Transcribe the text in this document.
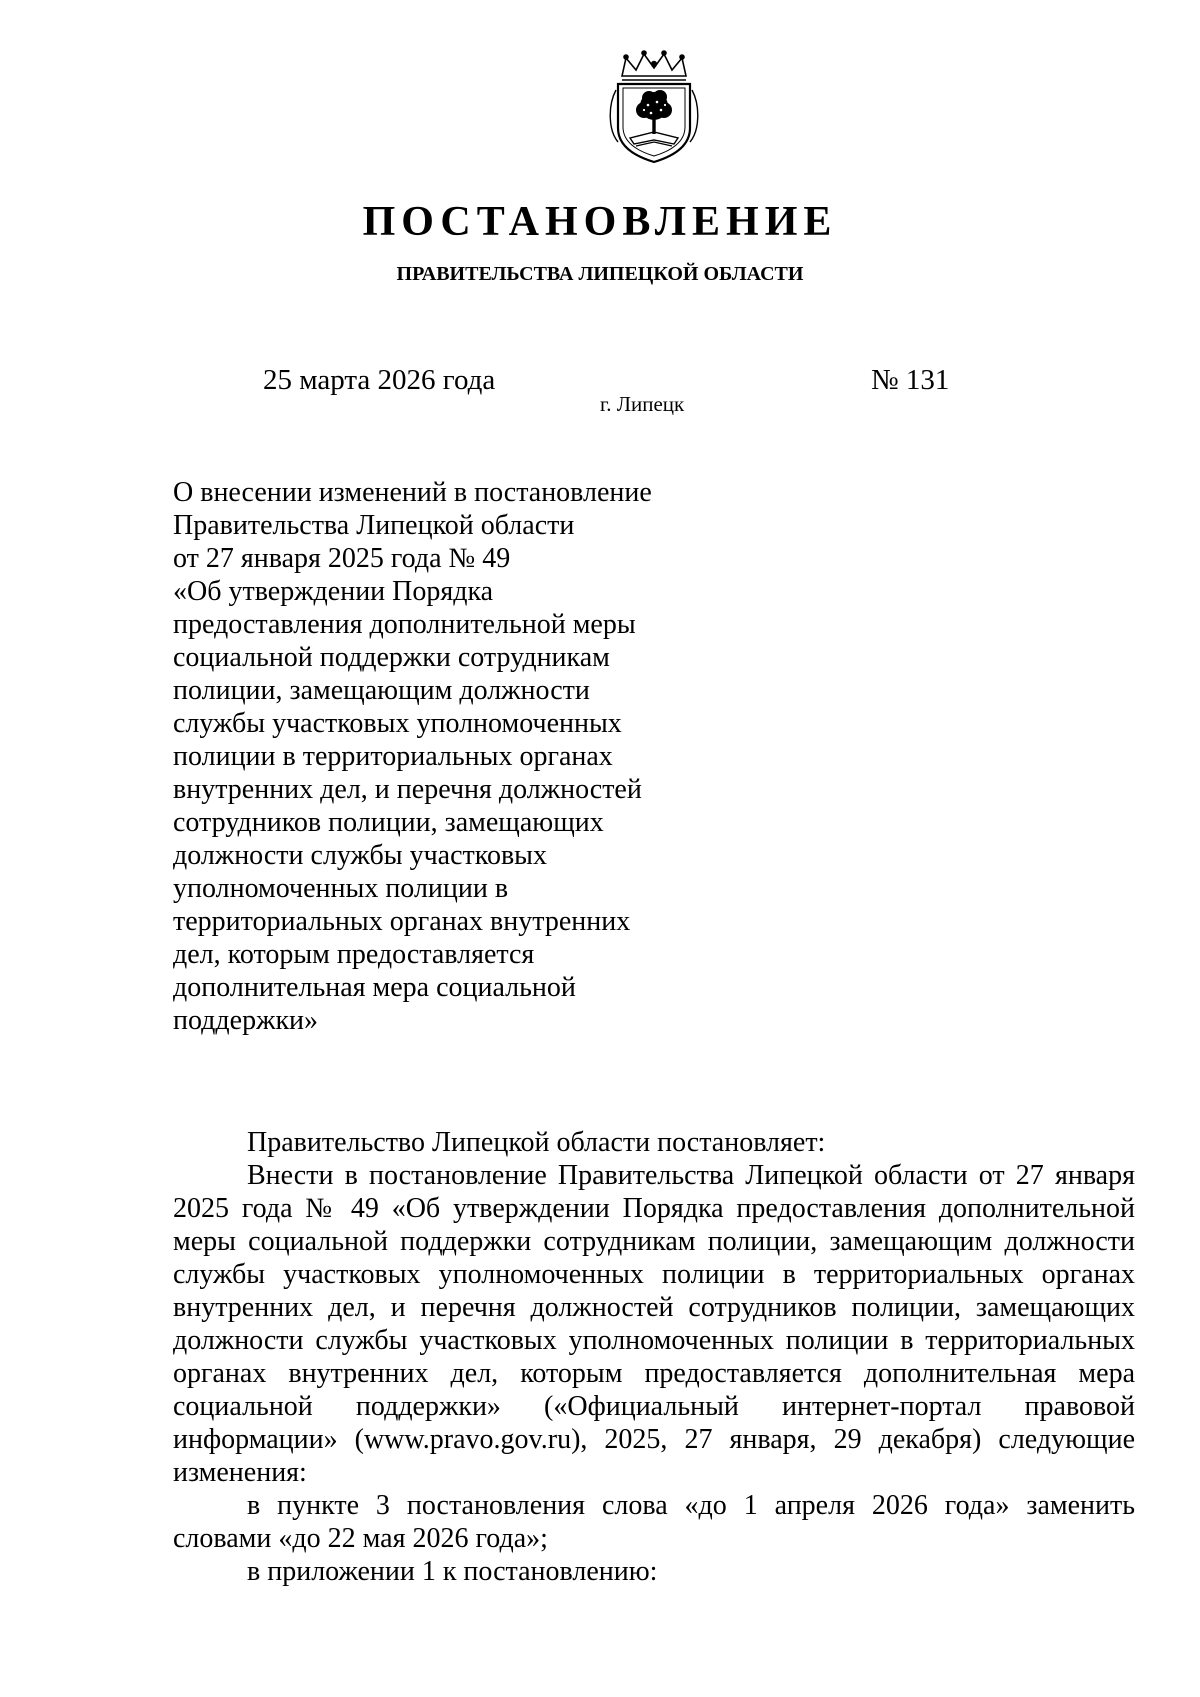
ПОСТАНОВЛЕНИЕ
ПРАВИТЕЛЬСТВА ЛИПЕЦКОЙ ОБЛАСТИ
25 марта 2026 года
г. Липецк
№ 131
О внесении изменений в постановление
Правительства Липецкой области
от 27 января 2025 года № 49
«Об утверждении Порядка
предоставления дополнительной меры
социальной поддержки сотрудникам
полиции, замещающим должности
службы участковых уполномоченных
полиции в территориальных органах
внутренних дел, и перечня должностей
сотрудников полиции, замещающих
должности службы участковых
уполномоченных полиции в
территориальных органах внутренних
дел, которым предоставляется
дополнительная мера социальной
поддержки»

Правительство Липецкой области постановляет:

Внести в постановление Правительства Липецкой области от 27 января 2025 года № 49 «Об утверждении Порядка предоставления дополнительной меры социальной поддержки сотрудникам полиции, замещающим должности службы участковых уполномоченных полиции в территориальных органах внутренних дел, и перечня должностей сотрудников полиции, замещающих должности службы участковых уполномоченных полиции в территориальных органах внутренних дел, которым предоставляется дополнительная мера социальной поддержки» («Официальный интернет-портал правовой информации» (www.pravo.gov.ru), 2025, 27 января, 29 декабря) следующие изменения:

в пункте 3 постановления слова «до 1 апреля 2026 года» заменить словами «до 22 мая 2026 года»;

в приложении 1 к постановлению:
